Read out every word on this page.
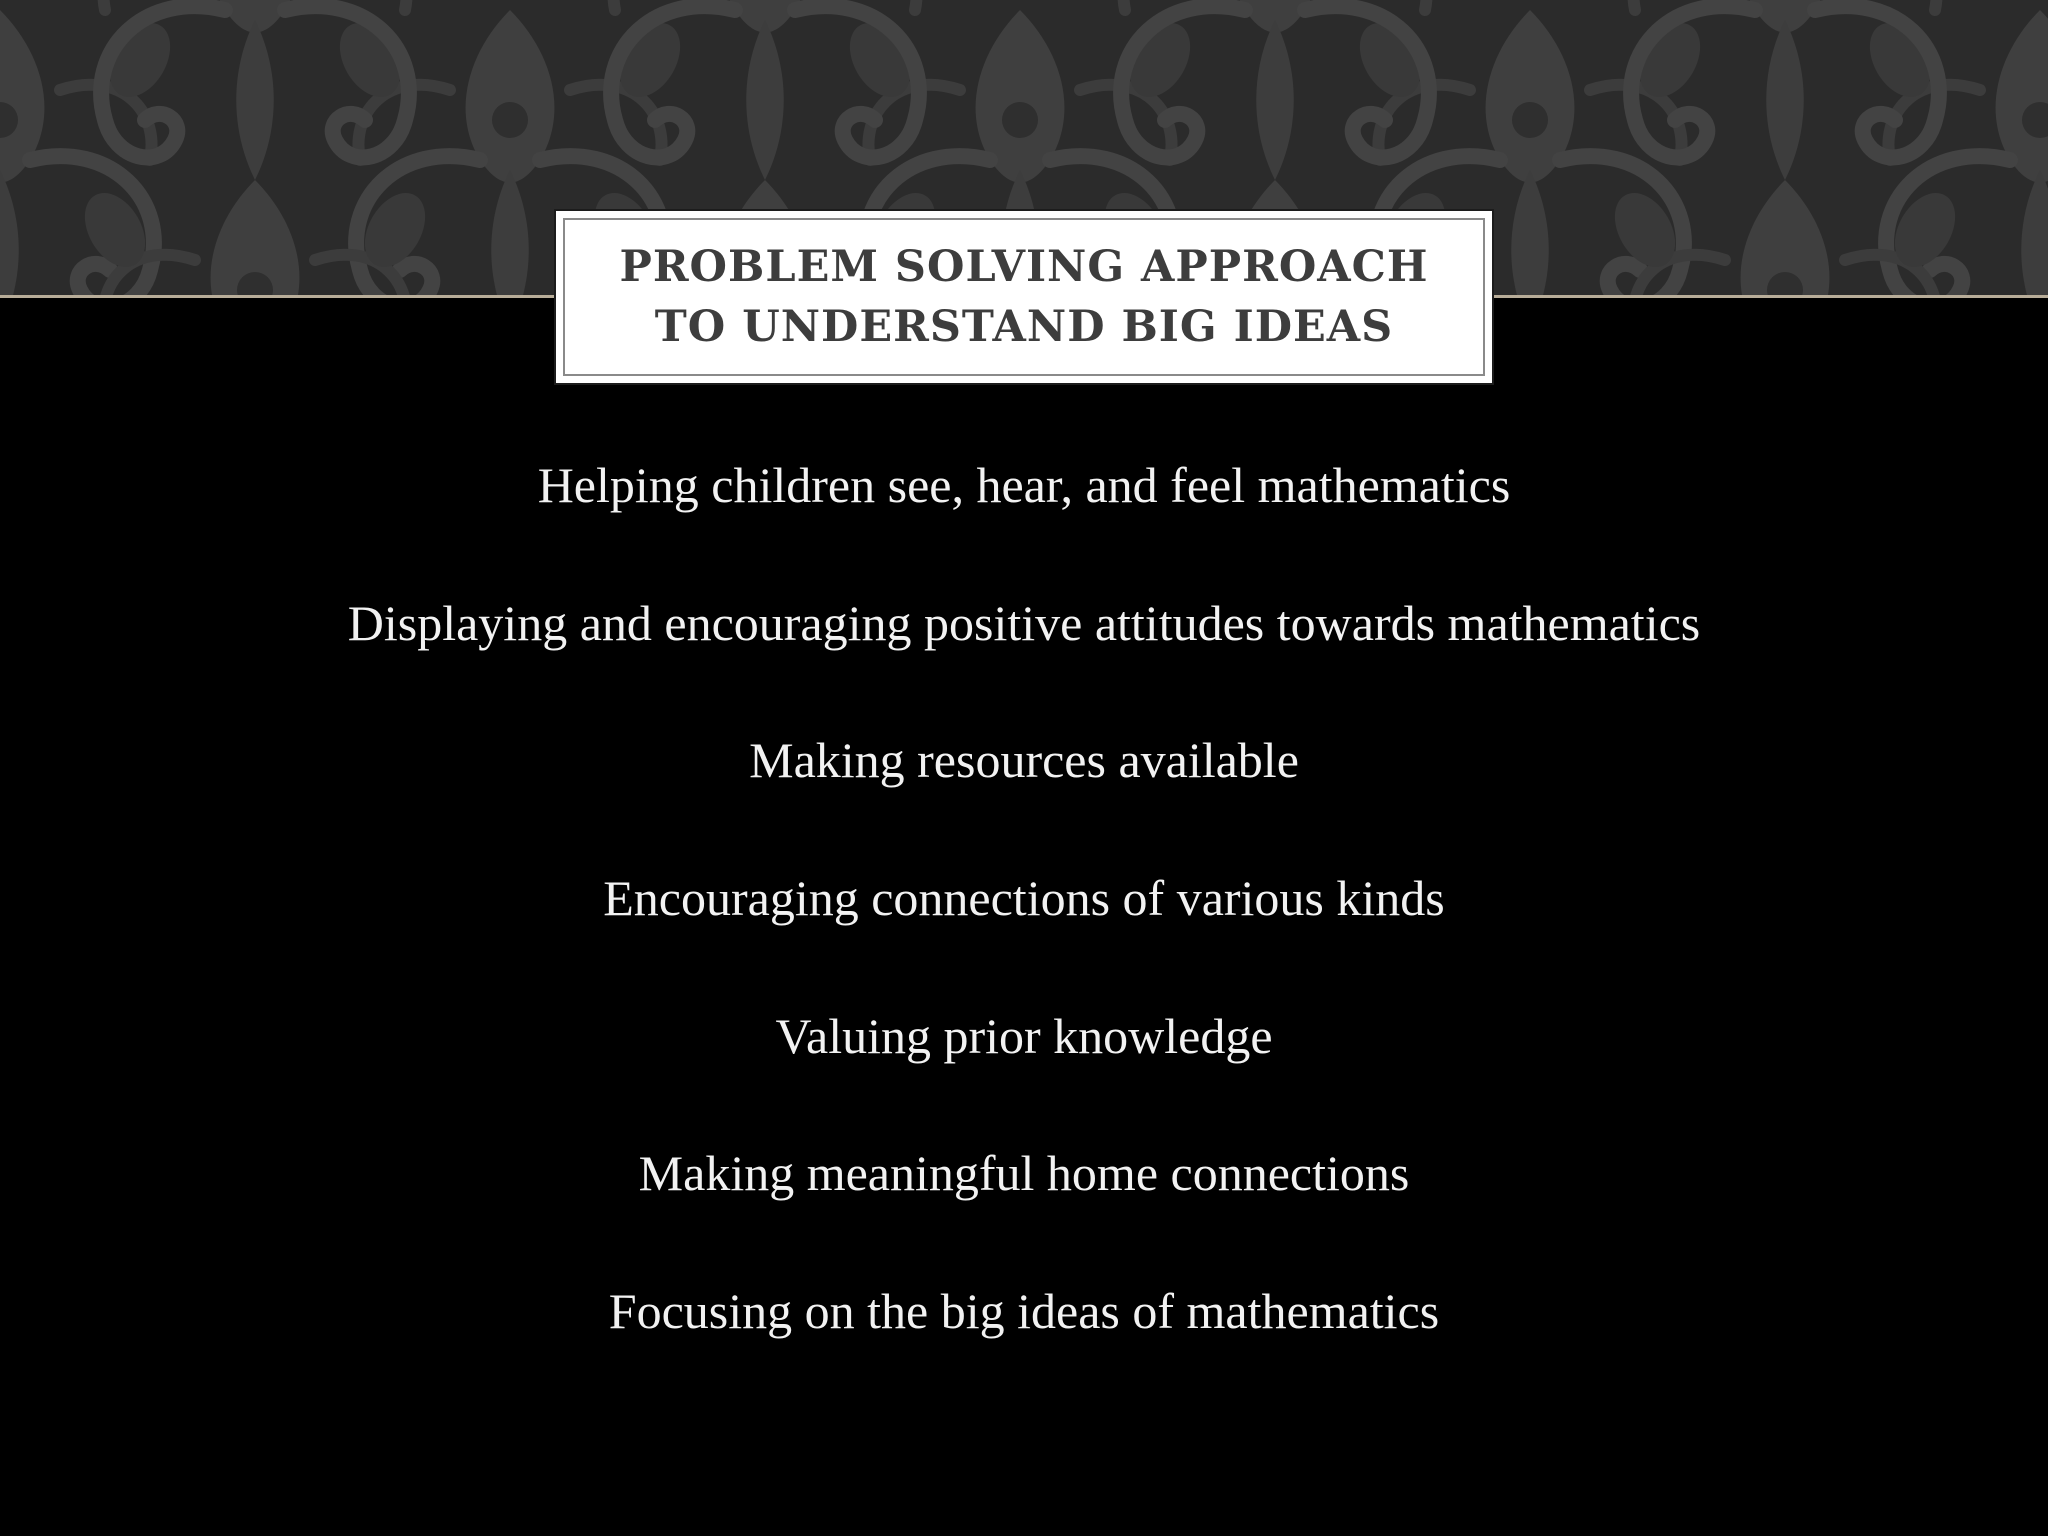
PROBLEM SOLVING APPROACH
TO UNDERSTAND BIG IDEAS
Helping children see, hear, and feel mathematics
Displaying and encouraging positive attitudes towards mathematics
Making resources available
Encouraging connections of various kinds
Valuing prior knowledge
Making meaningful home connections
Focusing on the big ideas of mathematics
